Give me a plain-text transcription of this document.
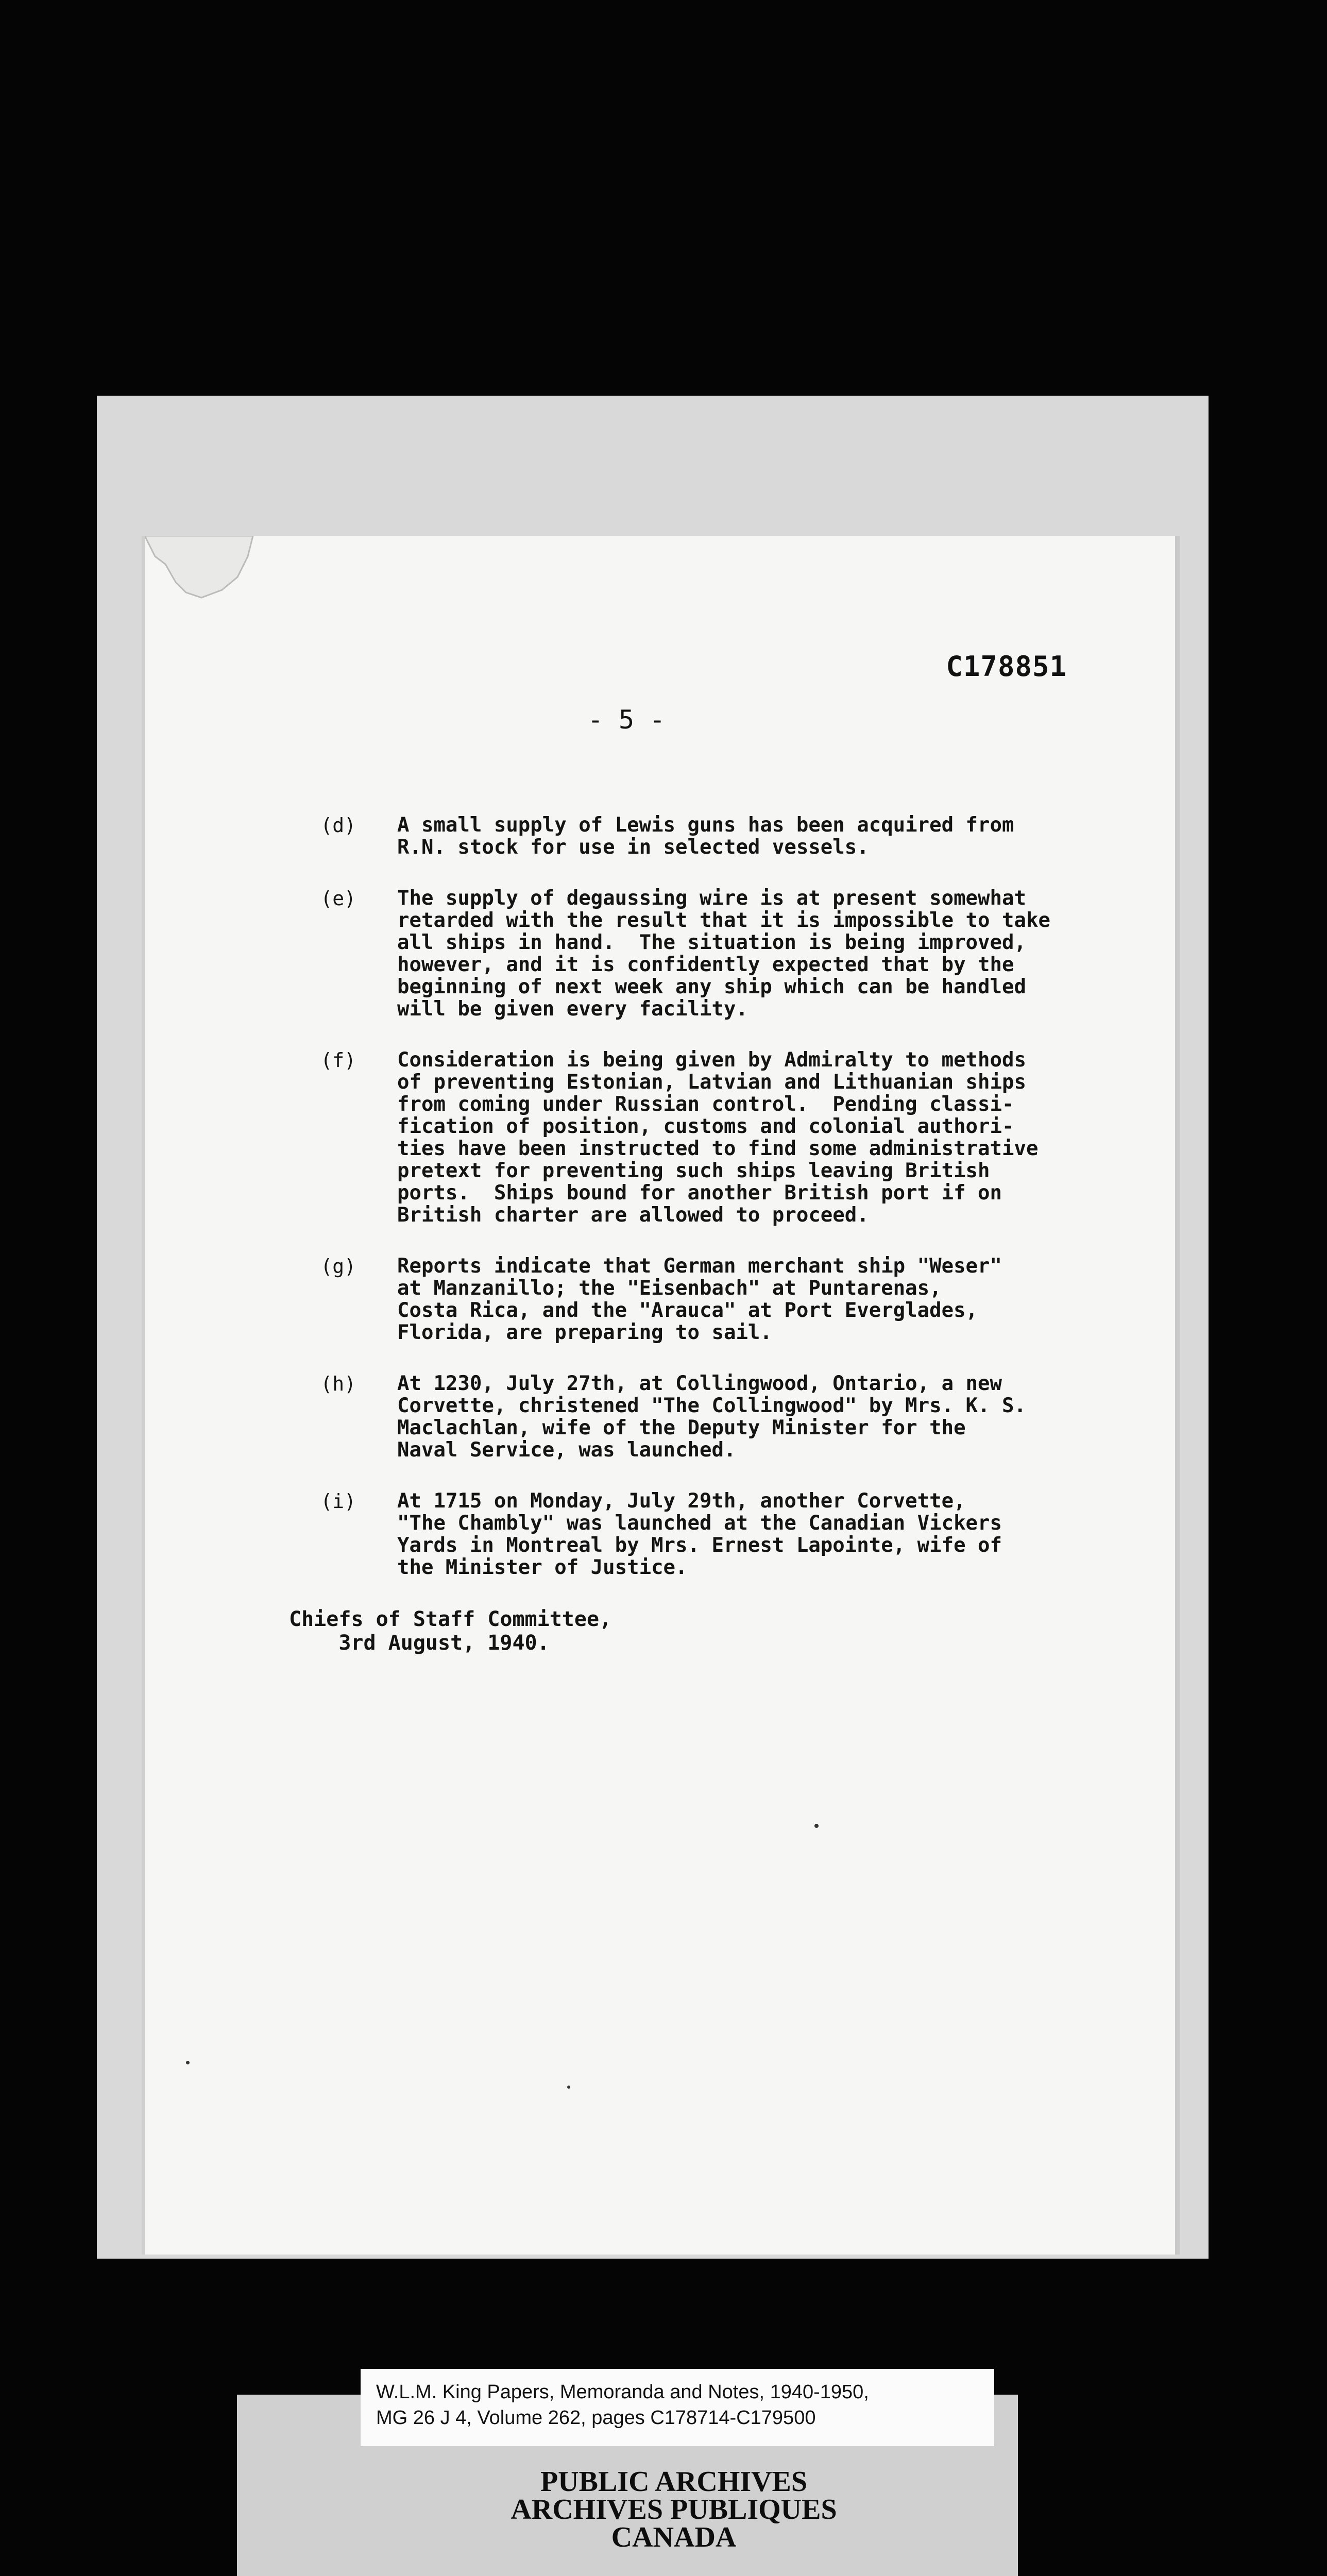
C178851
- 5 -
(d) A small supply of Lewis guns has been acquired from
R.N. stock for use in selected vessels.
(e) The supply of degaussing wire is at present somewhat
retarded with the result that it is impossible to take
all ships in hand.  The situation is being improved,
however, and it is confidently expected that by the
beginning of next week any ship which can be handled
will be given every facility.
(f) Consideration is being given by Admiralty to methods
of preventing Estonian, Latvian and Lithuanian ships
from coming under Russian control.  Pending classi-
fication of position, customs and colonial authori-
ties have been instructed to find some administrative
pretext for preventing such ships leaving British
ports.  Ships bound for another British port if on
British charter are allowed to proceed.
(g) Reports indicate that German merchant ship "Weser"
at Manzanillo; the "Eisenbach" at Puntarenas,
Costa Rica, and the "Arauca" at Port Everglades,
Florida, are preparing to sail.
(h) At 1230, July 27th, at Collingwood, Ontario, a new
Corvette, christened "The Collingwood" by Mrs. K. S.
Maclachlan, wife of the Deputy Minister for the
Naval Service, was launched.
(i) At 1715 on Monday, July 29th, another Corvette,
"The Chambly" was launched at the Canadian Vickers
Yards in Montreal by Mrs. Ernest Lapointe, wife of
the Minister of Justice.
Chiefs of Staff Committee,
3rd August, 1940.
W.L.M. King Papers, Memoranda and Notes, 1940-1950,
MG 26 J 4, Volume 262, pages C178714-C179500
PUBLIC ARCHIVES
ARCHIVES PUBLIQUES
CANADA
